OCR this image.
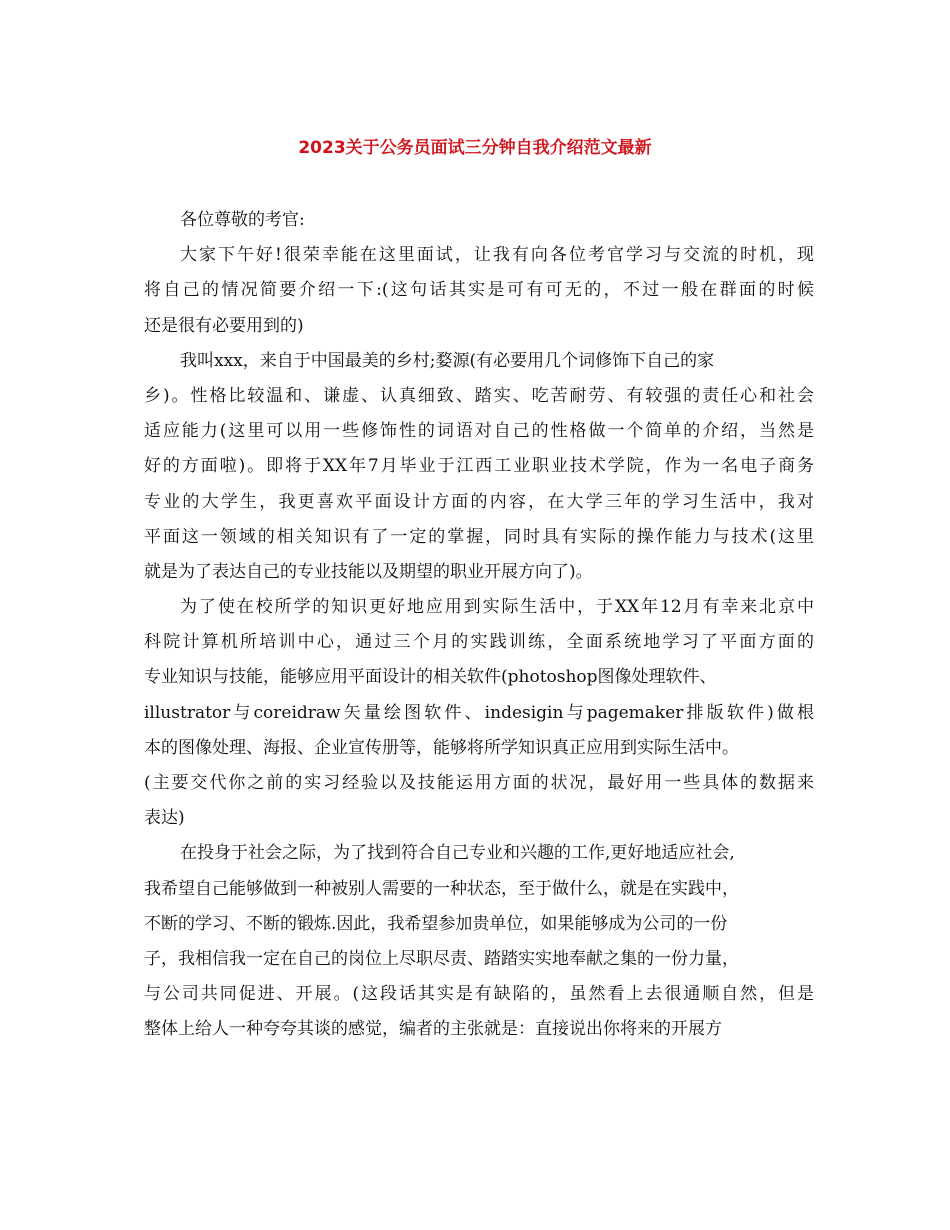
2023关于公务员面试三分钟自我介绍范文最新
各位尊敬的考官:
大家下午好!很荣幸能在这里面试，让我有向各位考官学习与交流的时机，现
将自己的情况简要介绍一下:(这句话其实是可有可无的，不过一般在群面的时候
还是很有必要用到的)
我叫xxx，来自于中国最美的乡村;婺源(有必要用几个词修饰下自己的家
乡)。性格比较温和、谦虚、认真细致、踏实、吃苦耐劳、有较强的责任心和社会
适应能力(这里可以用一些修饰性的词语对自己的性格做一个简单的介绍，当然是
好的方面啦)。即将于XX年7月毕业于江西工业职业技术学院，作为一名电子商务
专业的大学生，我更喜欢平面设计方面的内容，在大学三年的学习生活中，我对
平面这一领域的相关知识有了一定的掌握，同时具有实际的操作能力与技术(这里
就是为了表达自己的专业技能以及期望的职业开展方向了)。
为了使在校所学的知识更好地应用到实际生活中，于XX年12月有幸来北京中
科院计算机所培训中心，通过三个月的实践训练，全面系统地学习了平面方面的
专业知识与技能，能够应用平面设计的相关软件(photoshop图像处理软件、
illustrator与coreidraw矢量绘图软件、indesigin与pagemaker排版软件)做根
本的图像处理、海报、企业宣传册等，能够将所学知识真正应用到实际生活中。
(主要交代你之前的实习经验以及技能运用方面的状况，最好用一些具体的数据来
表达)
在投身于社会之际，为了找到符合自己专业和兴趣的工作,更好地适应社会,
我希望自己能够做到一种被别人需要的一种状态，至于做什么，就是在实践中，
不断的学习、不断的锻炼.因此，我希望参加贵单位，如果能够成为公司的一份
子，我相信我一定在自己的岗位上尽职尽责、踏踏实实地奉献之集的一份力量，
与公司共同促进、开展。(这段话其实是有缺陷的，虽然看上去很通顺自然，但是
整体上给人一种夸夸其谈的感觉，编者的主张就是：直接说出你将来的开展方
